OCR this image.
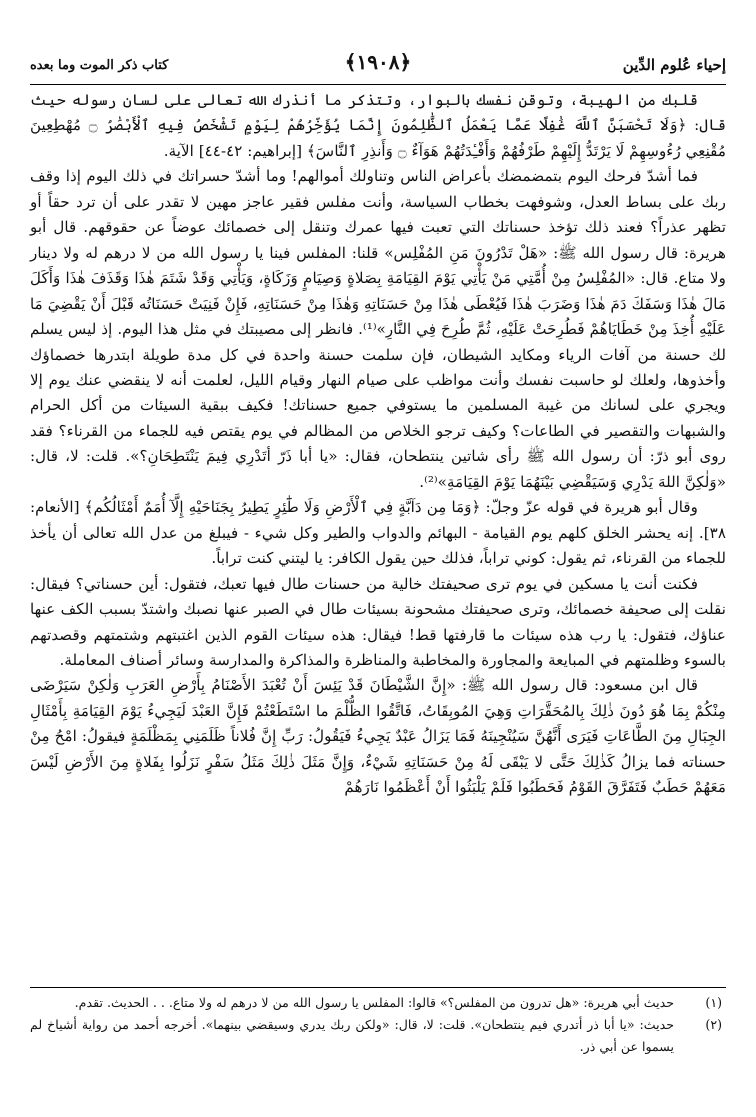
إحياء عُلوم الدِّين
﴿١٩٠٨﴾
كتاب ذكر الموت وما بعده

قلبك من الهيبة، وتوقن نفسك بالبوار، وتتذكر ما أنذرك الله تعالى على لسان رسوله حيث قال: ﴿وَلَا تَحْسَبَنَّ ٱللَّهَ غَٰفِلًا عَمَّا يَعْمَلُ ٱلظَّٰلِمُونَ إِنَّمَا يُؤَخِّرُهُمْ لِيَوْمٍ تَشْخَصُ فِيهِ ٱلْأَبْصَٰرُ ۝ مُهْطِعِينَ مُقْنِعِي رُءُوسِهِمْ لَا يَرْتَدُّ إِلَيْهِمْ طَرْفُهُمْ وَأَفْـِٔدَتُهُمْ هَوَآءٌ ۝ وَأَنذِرِ ٱلنَّاسَ﴾ [إبراهيم: ٤٢-٤٤] الآية.

فما أشدّ فرحك اليوم بتمضمضك بأعراض الناس وتناولك أموالهم! وما أشدّ حسراتك في ذلك اليوم إذا وقف ربك على بساط العدل، وشوفهت بخطاب السياسة، وأنت مفلس فقير عاجز مهين لا تقدر على أن ترد حقاً أو تظهر عذراً؟ فعند ذلك تؤخذ حسناتك التي تعبت فيها عمرك وتنقل إلى خصمائك عوضاً عن حقوقهم. قال أبو هريرة: قال رسول الله ﷺ: «هَلْ تَدْرُونَ مَنِ المُفْلِس» قلنا: المفلس فينا يا رسول الله من لا درهم له ولا دينار ولا متاع. قال: «المُفْلِسُ مِنْ أُمَّتِي مَنْ يَأْتِي يَوْمَ القِيَامَةِ بِصَلاةٍ وَصِيَامٍ وَزَكَاةٍ، وَيَأْتِي وَقَدْ شَتَمَ هٰذَا وَقَذَفَ هٰذَا وَأَكَلَ مَالَ هٰذَا وَسَفَكَ دَمَ هٰذَا وَضَرَبَ هٰذَا فَيُعْطَى هٰذَا مِنْ حَسَنَاتِهِ وَهٰذَا مِنْ حَسَنَاتِهِ، فَإِنْ فَنِيَتْ حَسَنَاتُه قَبْلَ أَنْ يَقْضِيَ مَا عَلَيْهِ أُخِذَ مِنْ خَطَايَاهُمْ فَطُرِحَتْ عَلَيْهِ، ثُمَّ طُرِحَ فِي النَّارِ»⁽¹⁾. فانظر إلى مصيبتك في مثل هذا اليوم. إذ ليس يسلم لك حسنة من آفات الرياء ومكايد الشيطان، فإن سلمت حسنة واحدة في كل مدة طويلة ابتدرها خصماؤك وأخذوها، ولعلك لو حاسبت نفسك وأنت مواظب على صيام النهار وقيام الليل، لعلمت أنه لا ينقضي عنك يوم إلا ويجري على لسانك من غيبة المسلمين ما يستوفي جميع حسناتك! فكيف ببقية السيئات من أكل الحرام والشبهات والتقصير في الطاعات؟ وكيف ترجو الخلاص من المظالم في يوم يقتص فيه للجماء من القرناء؟ فقد روى أبو ذرّ: أن رسول الله ﷺ رأى شاتين ينتطحان، فقال: «يا أبا ذَرّ أتَدْرِي فِيمَ يَنْتَطِحَانِ؟». قلت: لا، قال: «وَلٰكِنَّ اللهَ يَدْرِي وَسَيَقْضِي بَيْنَهُمَا يَوْمَ القِيَامَةِ»⁽²⁾.

وقال أبو هريرة في قوله عزّ وجلّ: ﴿وَمَا مِن دَآبَّةٍ فِي ٱلْأَرْضِ وَلَا طَٰٓئِرٍ يَطِيرُ بِجَنَاحَيْهِ إِلَّآ أُمَمٌ أَمْثَالُكُم﴾ [الأنعام: ٣٨]. إنه يحشر الخلق كلهم يوم القيامة - البهائم والدواب والطير وكل شيء - فيبلغ من عدل الله تعالى أن يأخذ للجماء من القرناء، ثم يقول: كوني تراباً، فذلك حين يقول الكافر: يا ليتني كنت تراباً.

فكنت أنت يا مسكين في يوم ترى صحيفتك خالية من حسنات طال فيها تعبك، فتقول: أين حسناتي؟ فيقال: نقلت إلى صحيفة خصمائك، وترى صحيفتك مشحونة بسيئات طال في الصبر عنها نصبك واشتدّ بسبب الكف عنها عناؤك، فتقول: يا رب هذه سيئات ما قارفتها قط! فيقال: هذه سيئات القوم الذين اغتبتهم وشتمتهم وقصدتهم بالسوء وظلمتهم في المبايعة والمجاورة والمخاطبة والمناظرة والمذاكرة والمدارسة وسائر أصناف المعاملة.

قال ابن مسعود: قال رسول الله ﷺ: «إِنَّ الشَّيْطَانَ قَدْ يَئِسَ أَنْ تُعْبَدَ الأَصْنَامُ بِأَرْضِ العَرَبِ وَلٰكِنْ سَيَرْضَى مِنْكُمْ بِمَا هُوَ دُونَ ذٰلِكَ بِالمُحَقَّرَاتِ وَهِيَ المُوبِقَاتُ، فَاتَّقُوا الظُّلْمَ ما اسْتَطَعْتُمْ فَإِنَّ العَبْدَ لَيَجِيءُ يَوْمَ القِيَامَةِ بِأَمْثَالِ الجِبَالِ مِنَ الطَّاعَاتِ فَيَرَى أَنَّهُنَّ سَيُنْجِينَهُ فَمَا يَزَالُ عَبْدٌ يَجِيءُ فَيَقُولُ: رَبِّ إِنَّ فُلاناً ظَلَمَنِي بِمَظْلَمَةٍ فيقولُ: امْحُ مِنْ حسناته فما يزالُ كَذٰلِكَ حَتَّى لا يَبْقَى لَهُ مِنْ حَسَنَاتِهِ شَيْءٌ، وَإِنَّ مَثَلَ ذٰلِكَ مَثَلُ سَفْرٍ نَزَلُوا بِفَلاةٍ مِنَ الأَرْضِ لَيْسَ مَعَهُمْ حَطَبٌ فَتَفَرَّقَ القَوْمُ فَحَطَبُوا فَلَمْ يَلْبَثُوا أَنْ أَعْظَمُوا نَارَهُمْ

(١)
حديث أبي هريرة: «هل تدرون من المفلس؟» قالوا: المفلس يا رسول الله من لا درهم له ولا متاع. . . الحديث. تقدم.
(٢)
حديث: «يا أبا ذر أتدري فيم ينتطحان». قلت: لا، قال: «ولكن ربك يدري وسيقضي بينهما». أخرجه أحمد من رواية أشياخ لم يسموا عن أبي ذر.
